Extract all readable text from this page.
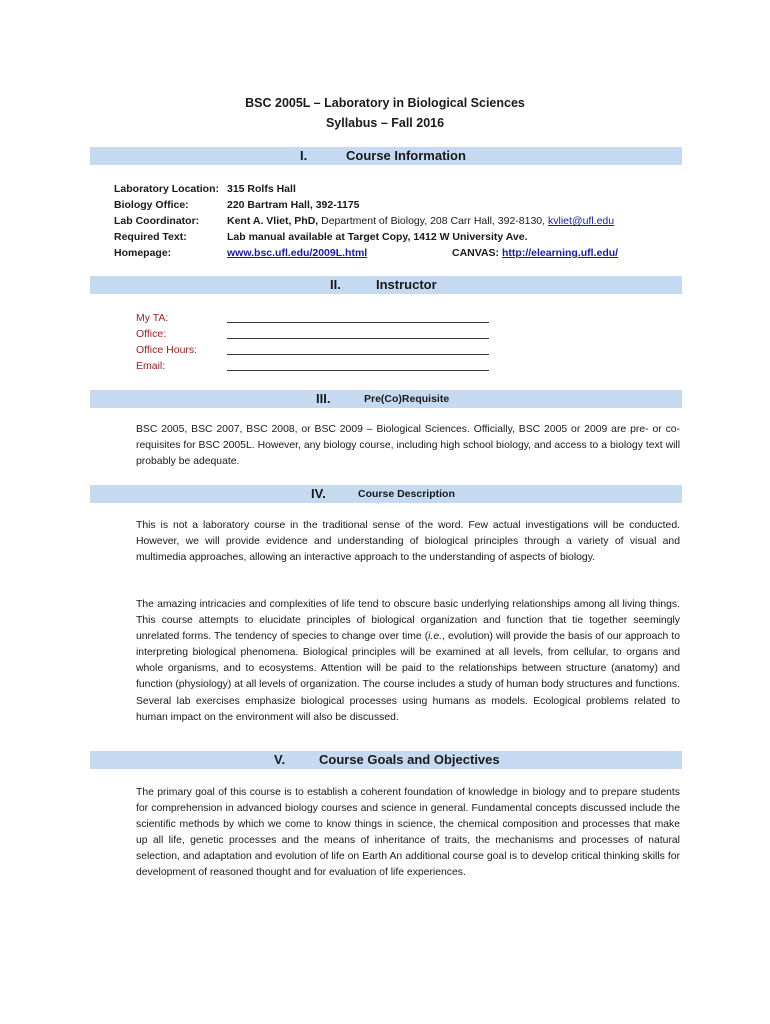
BSC 2005L – Laboratory in Biological Sciences
Syllabus – Fall 2016
I.	Course Information
Laboratory Location: 315 Rolfs Hall
Biology Office:	220 Bartram Hall, 392-1175
Lab Coordinator:	Kent A. Vliet, PhD, Department of Biology, 208 Carr Hall, 392-8130, kvliet@ufl.edu
Required Text:	Lab manual available at Target Copy, 1412 W University Ave.
Homepage:	www.bsc.ufl.edu/2009L.html	CANVAS: http://elearning.ufl.edu/
II.	Instructor
My TA:
Office:
Office Hours:
Email:
III.	Pre(Co)Requisite
BSC 2005, BSC 2007, BSC 2008, or BSC 2009 – Biological Sciences. Officially, BSC 2005 or 2009 are pre- or co-requisites for BSC 2005L. However, any biology course, including high school biology, and access to a biology text will probably be adequate.
IV.	Course Description
This is not a laboratory course in the traditional sense of the word. Few actual investigations will be conducted. However, we will provide evidence and understanding of biological principles through a variety of visual and multimedia approaches, allowing an interactive approach to the understanding of aspects of biology.
The amazing intricacies and complexities of life tend to obscure basic underlying relationships among all living things. This course attempts to elucidate principles of biological organization and function that tie together seemingly unrelated forms. The tendency of species to change over time (i.e., evolution) will provide the basis of our approach to interpreting biological phenomena. Biological principles will be examined at all levels, from cellular, to organs and whole organisms, and to ecosystems. Attention will be paid to the relationships between structure (anatomy) and function (physiology) at all levels of organization. The course includes a study of human body structures and functions. Several lab exercises emphasize biological processes using humans as models. Ecological problems related to human impact on the environment will also be discussed.
V.	Course Goals and Objectives
The primary goal of this course is to establish a coherent foundation of knowledge in biology and to prepare students for comprehension in advanced biology courses and science in general. Fundamental concepts discussed include the scientific methods by which we come to know things in science, the chemical composition and processes that make up all life, genetic processes and the means of inheritance of traits, the mechanisms and processes of natural selection, and adaptation and evolution of life on Earth An additional course goal is to develop critical thinking skills for development of reasoned thought and for evaluation of life experiences.
